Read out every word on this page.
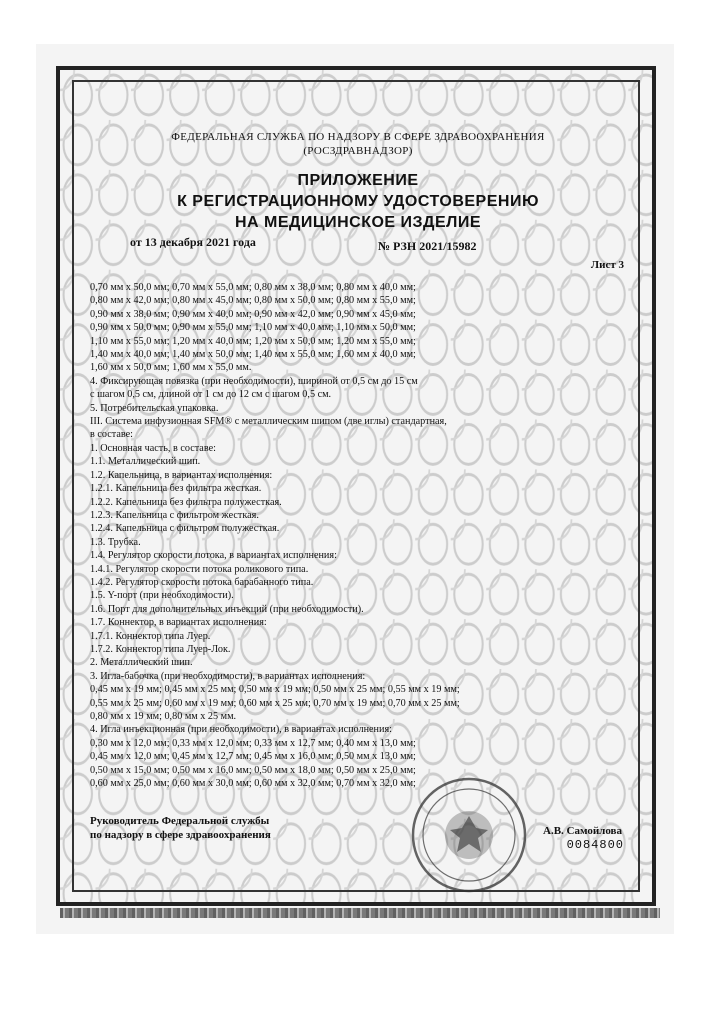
ФЕДЕРАЛЬНАЯ СЛУЖБА ПО НАДЗОРУ В СФЕРЕ ЗДРАВООХРАНЕНИЯ
(РОСЗДРАВНАДЗОР)
ПРИЛОЖЕНИЕ
К РЕГИСТРАЦИОННОМУ УДОСТОВЕРЕНИЮ
НА МЕДИЦИНСКОЕ ИЗДЕЛИЕ
от 13 декабря 2021 года	№ РЗН 2021/15982
Лист 3
0,70 мм х 50,0 мм; 0,70 мм х 55,0 мм; 0,80 мм х 38,0 мм; 0,80 мм х 40,0 мм;
0,80 мм х 42,0 мм; 0,80 мм х 45,0 мм; 0,80 мм х 50,0 мм; 0,80 мм х 55,0 мм;
0,90 мм х 38,0 мм; 0,90 мм х 40,0 мм; 0,90 мм х 42,0 мм; 0,90 мм х 45,0 мм;
0,90 мм х 50,0 мм; 0,90 мм х 55,0 мм; 1,10 мм х 40,0 мм; 1,10 мм х 50,0 мм;
1,10 мм х 55,0 мм; 1,20 мм х 40,0 мм; 1,20 мм х 50,0 мм; 1,20 мм х 55,0 мм;
1,40 мм х 40,0 мм; 1,40 мм х 50,0 мм; 1,40 мм х 55,0 мм; 1,60 мм х 40,0 мм;
1,60 мм х 50,0 мм; 1,60 мм х 55,0 мм.
4. Фиксирующая повязка (при необходимости), шириной от 0,5 см до 15 см
с шагом 0,5 см, длиной от 1 см до 12 см с шагом 0,5 см.
5. Потребительская упаковка.
III. Система инфузионная SFM® с металлическим шипом (две иглы) стандартная,
в составе:
1. Основная часть, в составе:
1.1. Металлический шип.
1.2. Капельница, в вариантах исполнения:
1.2.1. Капельница без фильтра жесткая.
1.2.2. Капельница без фильтра полужесткая.
1.2.3. Капельница с фильтром жесткая.
1.2.4. Капельница с фильтром полужесткая.
1.3. Трубка.
1.4. Регулятор скорости потока, в вариантах исполнения:
1.4.1. Регулятор скорости потока роликового типа.
1.4.2. Регулятор скорости потока барабанного типа.
1.5. Y-порт (при необходимости).
1.6. Порт для дополнительных инъекций (при необходимости).
1.7. Коннектор, в вариантах исполнения:
1.7.1. Коннектор типа Луер.
1.7.2. Коннектор типа Луер-Лок.
2. Металлический шип.
3. Игла-бабочка (при необходимости), в вариантах исполнения:
0,45 мм х 19 мм; 0,45 мм х 25 мм; 0,50 мм х 19 мм; 0,50 мм х 25 мм; 0,55 мм х 19 мм;
0,55 мм х 25 мм; 0,60 мм х 19 мм; 0,60 мм х 25 мм; 0,70 мм х 19 мм; 0,70 мм х 25 мм;
0,80 мм х 19 мм; 0,80 мм х 25 мм.
4. Игла инъекционная (при необходимости), в вариантах исполнения:
0,30 мм х 12,0 мм; 0,33 мм х 12,0 мм; 0,33 мм х 12,7 мм; 0,40 мм х 13,0 мм;
0,45 мм х 12,0 мм; 0,45 мм х 12,7 мм; 0,45 мм х 16,0 мм; 0,50 мм х 13,0 мм;
0,50 мм х 15,0 мм; 0,50 мм х 16,0 мм; 0,50 мм х 18,0 мм; 0,50 мм х 25,0 мм;
0,60 мм х 25,0 мм; 0,60 мм х 30,0 мм; 0,60 мм х 32,0 мм; 0,70 мм х 32,0 мм;
Руководитель Федеральной службы
по надзору в сфере здравоохранения	А.В. Самойлова
0084800
